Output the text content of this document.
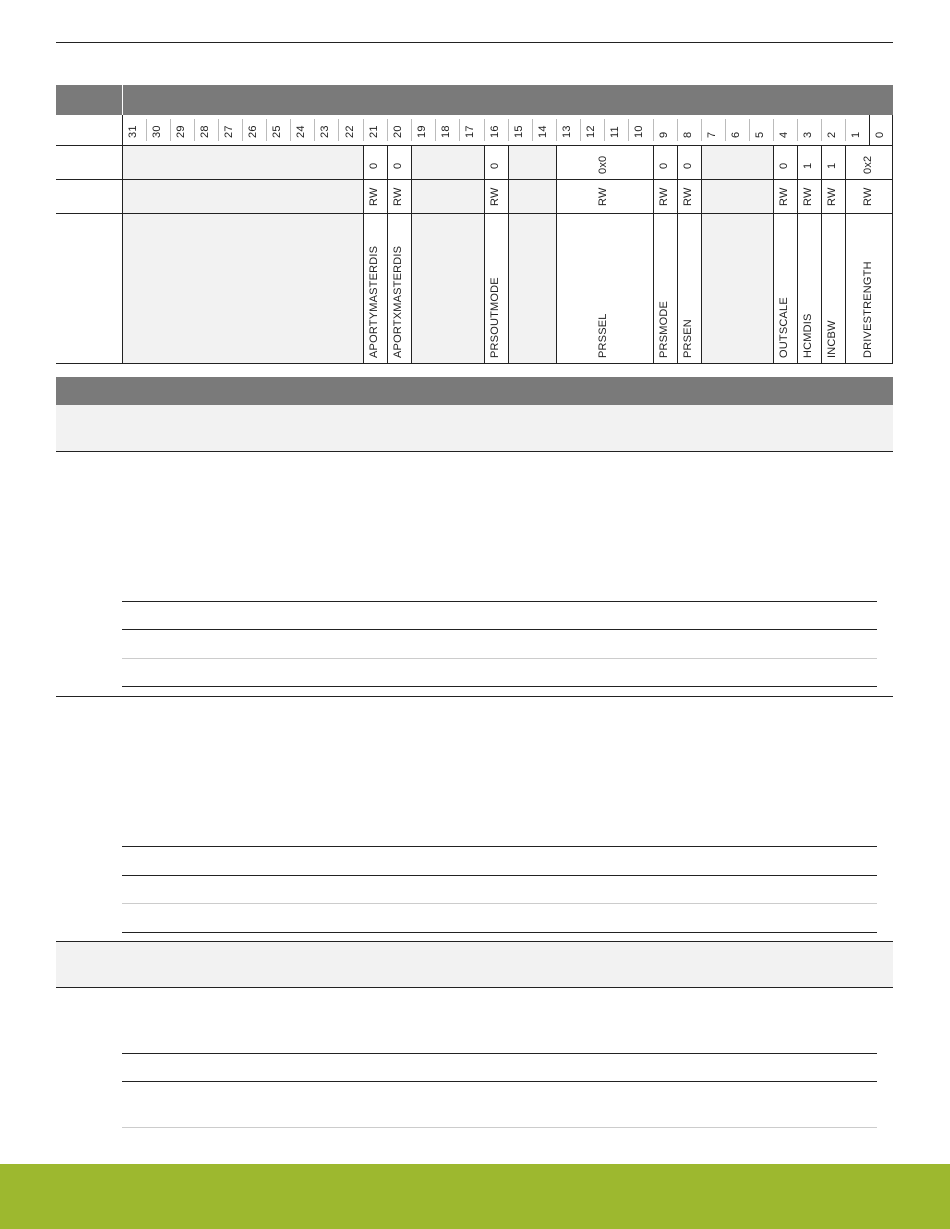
31 30 29 28 27 26 25 24 23 22 21 20 19 18 17 16 15 14 13 12 11 10 9 8 7 6 5 4 3 2 1 0
0 0	0	0x0	0 0	0 1 1 0x2
RW RW	RW	RW	RW RW	RW RW RW RW
APORTYMASTERDIS APORTXMASTERDIS	PRSOUTMODE	PRSSEL	PRSMODE PRSEN	OUTSCALE HCMDIS INCBW DRIVESTRENGTH
